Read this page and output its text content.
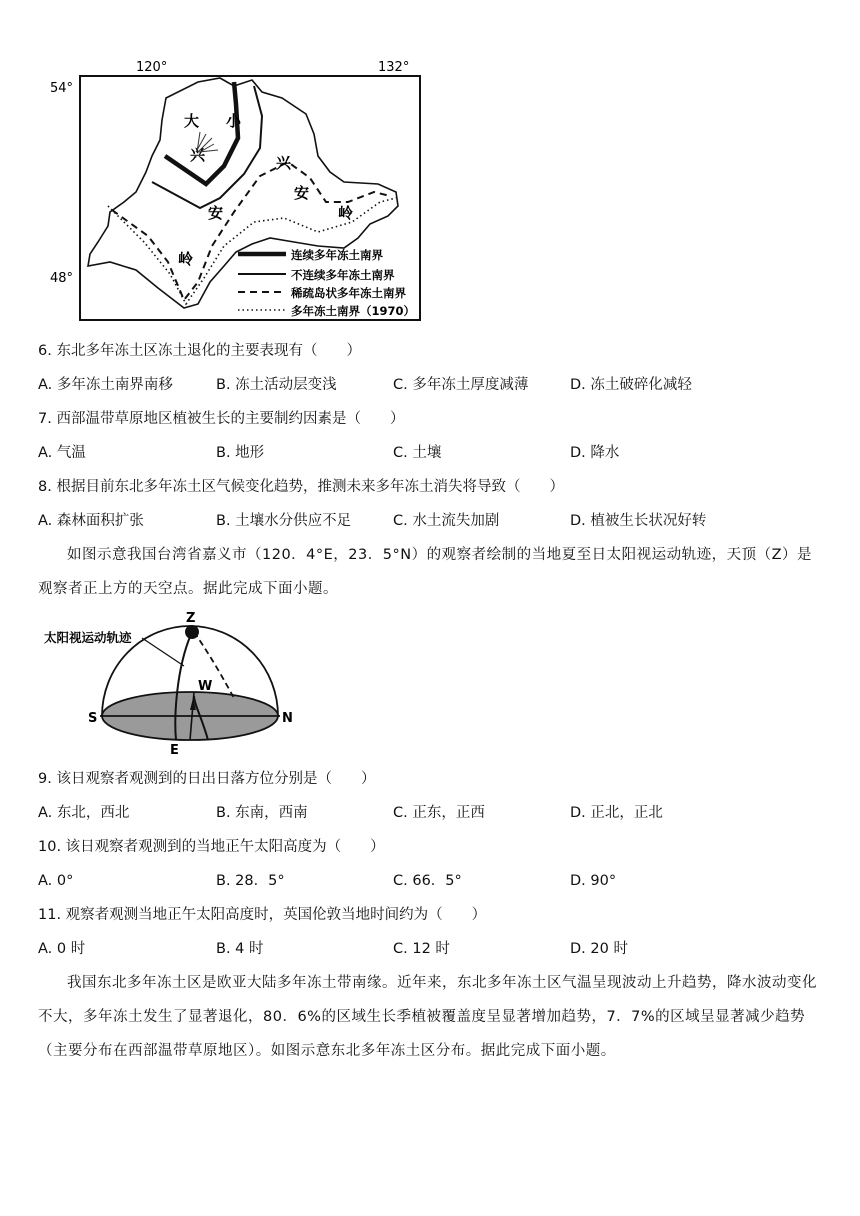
120°	132°
54°
48°
大
兴
安
岭
小
兴
安
岭
连续多年冻土南界
不连续多年冻土南界
稀疏岛状多年冻土南界
多年冻土南界（1970）
6. 东北多年冻土区冻土退化的主要表现有（　　）
A. 多年冻土南界南移	B. 冻土活动层变浅	C. 多年冻土厚度减薄	D. 冻土破碎化减轻
7. 西部温带草原地区植被生长的主要制约因素是（　　）
A. 气温	B. 地形	C. 土壤	D. 降水
8. 根据目前东北多年冻土区气候变化趋势，推测未来多年冻土消失将导致（　　）
A. 森林面积扩张	B. 土壤水分供应不足	C. 水土流失加剧	D. 植被生长状况好转
如图示意我国台湾省嘉义市（120．4°E，23．5°N）的观察者绘制的当地夏至日太阳视运动轨迹，天顶（Z）是观察者正上方的天空点。据此完成下面小题。
太阳视运动轨迹
Z
W
S	N
E
9. 该日观察者观测到的日出日落方位分别是（　　）
A. 东北，西北	B. 东南，西南	C. 正东，正西	D. 正北，正北
10. 该日观察者观测到的当地正午太阳高度为（　　）
A. 0°	B. 28．5°	C. 66．5°	D. 90°
11. 观察者观测当地正午太阳高度时，英国伦敦当地时间约为（　　）
A. 0 时	B. 4 时	C. 12 时	D. 20 时
我国东北多年冻土区是欧亚大陆多年冻土带南缘。近年来，东北多年冻土区气温呈现波动上升趋势，降水波动变化不大，多年冻土发生了显著退化，80．6%的区域生长季植被覆盖度呈显著增加趋势，7．7%的区域呈显著减少趋势（主要分布在西部温带草原地区）。如图示意东北多年冻土区分布。据此完成下面小题。
